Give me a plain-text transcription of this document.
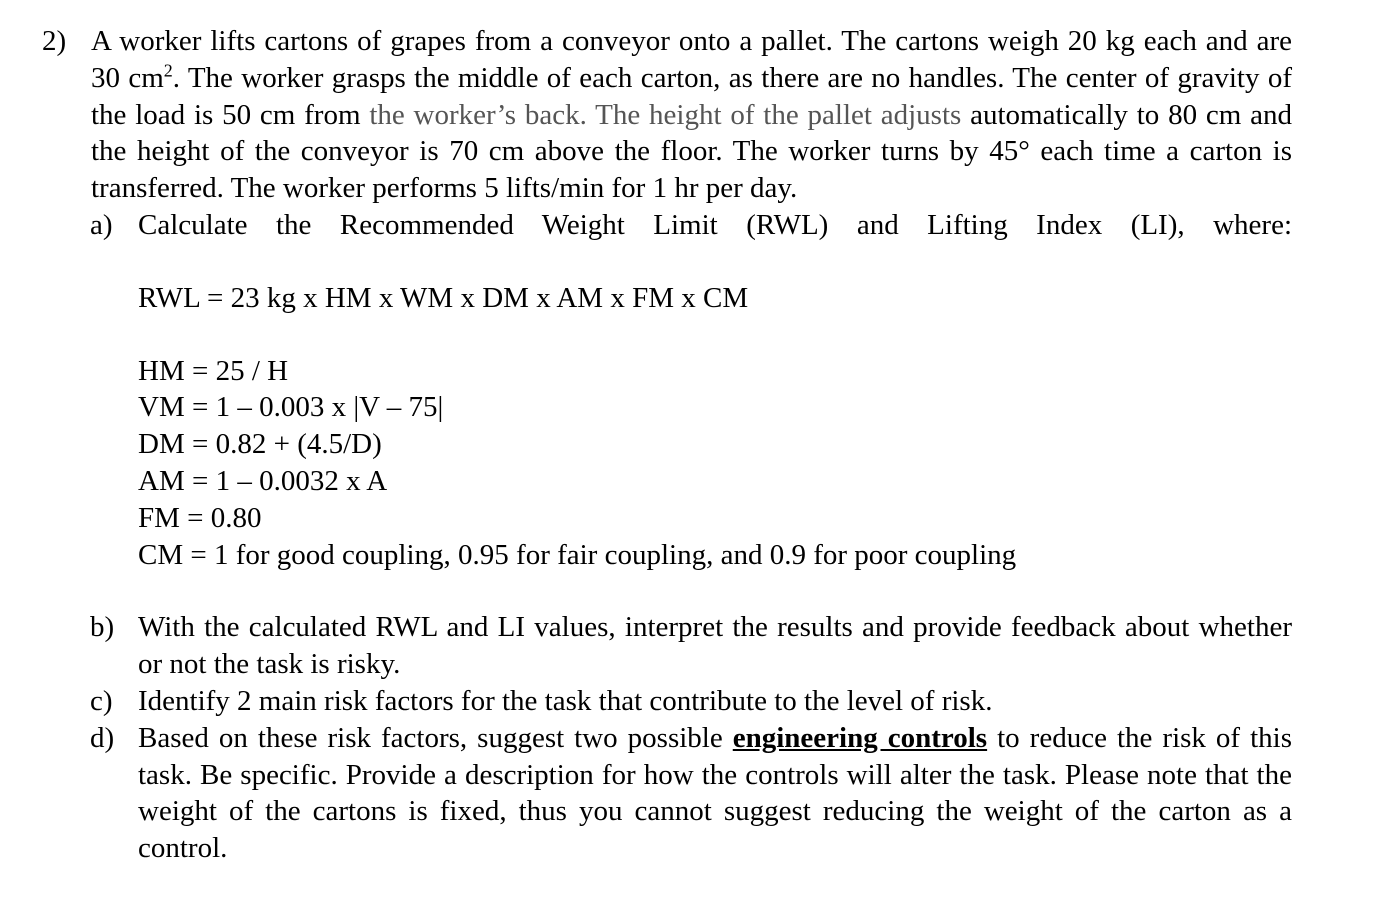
2) A worker lifts cartons of grapes from a conveyor onto a pallet. The cartons weigh 20 kg each and are 30 $cm^2$. The worker grasps the middle of each carton, as there are no handles. The center of gravity of the load is 50 cm from the worker’s back. The height of the pallet adjusts automatically to 80 cm and the height of the conveyor is 70 cm above the floor. The worker turns by 45° each time a carton is transferred. The worker performs 5 lifts/min for 1 hr per day.
a) Calculate the Recommended Weight Limit (RWL) and Lifting Index (LI), where:
RWL = 23 kg x HM x WM x DM x AM x FM x CM
HM = 25 / H
VM = 1 – 0.003 x |V – 75|
DM = 0.82 + (4.5/D)
AM = 1 – 0.0032 x A
FM = 0.80
CM = 1 for good coupling, 0.95 for fair coupling, and 0.9 for poor coupling
b) With the calculated RWL and LI values, interpret the results and provide feedback about whether or not the task is risky.
c) Identify 2 main risk factors for the task that contribute to the level of risk.
d) Based on these risk factors, suggest two possible engineering controls to reduce the risk of this task. Be specific. Provide a description for how the controls will alter the task. Please note that the weight of the cartons is fixed, thus you cannot suggest reducing the weight of the carton as a control.
